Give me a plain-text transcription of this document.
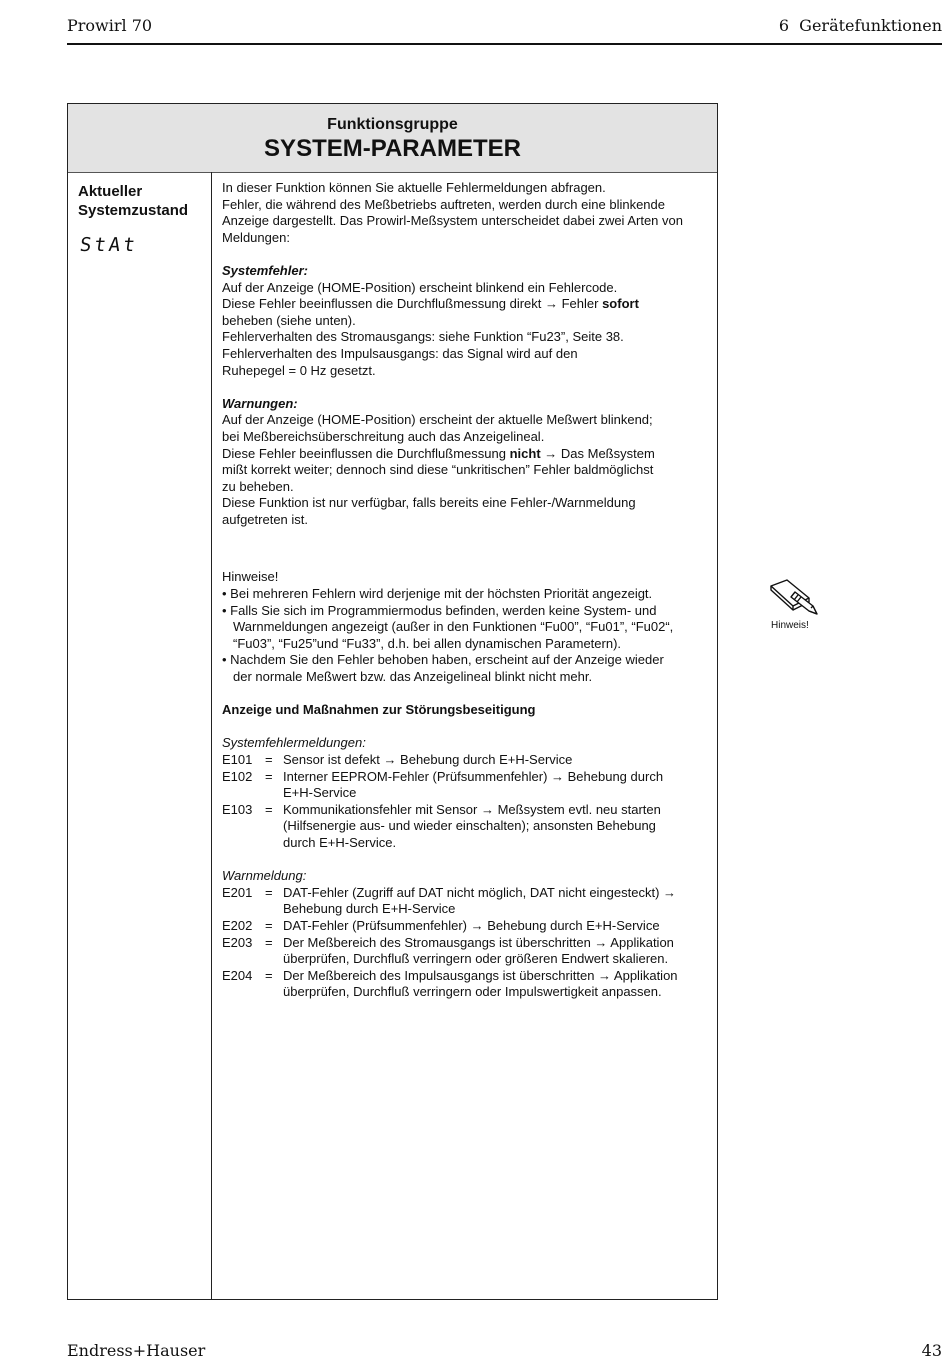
Prowirl 70	6  Gerätefunktionen
Funktionsgruppe
SYSTEM-PARAMETER
Aktueller
Systemzustand
StAt

In dieser Funktion können Sie aktuelle Fehlermeldungen abfragen.

Fehler, die während des Meßbetriebs auftreten, werden durch eine blinkende

Anzeige dargestellt. Das Prowirl-Meßsystem unterscheidet dabei zwei Arten von

Meldungen:

Systemfehler:

Auf der Anzeige (HOME-Position) erscheint blinkend ein Fehlercode.

Diese Fehler beeinflussen die Durchflußmessung direkt → Fehler sofort

beheben (siehe unten).

Fehlerverhalten des Stromausgangs: siehe Funktion “Fu23”, Seite 38.

Fehlerverhalten des Impulsausgangs: das Signal wird auf den

Ruhepegel = 0 Hz gesetzt.

Warnungen:

Auf der Anzeige (HOME-Position) erscheint der aktuelle Meßwert blinkend;

bei Meßbereichsüberschreitung auch das Anzeigelineal.

Diese Fehler beeinflussen die Durchflußmessung nicht → Das Meßsystem

mißt korrekt weiter; dennoch sind diese “unkritischen” Fehler baldmöglichst

zu beheben.

Diese Funktion ist nur verfügbar, falls bereits eine Fehler-/Warnmeldung

aufgetreten ist.

Hinweise!

• Bei mehreren Fehlern wird derjenige mit der höchsten Priorität angezeigt.

• Falls Sie sich im Programmiermodus befinden, werden keine System- und

Warnmeldungen angezeigt (außer in den Funktionen “Fu00”, “Fu01”, “Fu02“,

“Fu03”, “Fu25”und “Fu33”, d.h. bei allen dynamischen Parametern).

• Nachdem Sie den Fehler behoben haben, erscheint auf der Anzeige wieder

der normale Meßwert bzw. das Anzeigelineal blinkt nicht mehr.

Anzeige und Maßnahmen zur Störungsbeseitigung

Systemfehlermeldungen:

E101 = Sensor ist defekt → Behebung durch E+H-Service
E102 = Interner EEPROM-Fehler (Prüfsummenfehler) → Behebung durch
E+H-Service
E103 = Kommunikationsfehler mit Sensor → Meßsystem evtl. neu starten
(Hilfsenergie aus- und wieder einschalten); ansonsten Behebung
durch E+H-Service.

Warnmeldung:

E201 = DAT-Fehler (Zugriff auf DAT nicht möglich, DAT nicht eingesteckt) →
Behebung durch E+H-Service
E202 = DAT-Fehler (Prüfsummenfehler) → Behebung durch E+H-Service
E203 = Der Meßbereich des Stromausgangs ist überschritten → Applikation
überprüfen, Durchfluß verringern oder größeren Endwert skalieren.
E204 = Der Meßbereich des Impulsausgangs ist überschritten → Applikation
überprüfen, Durchfluß verringern oder Impulswertigkeit anpassen.
Hinweis!
Endress+Hauser	43
